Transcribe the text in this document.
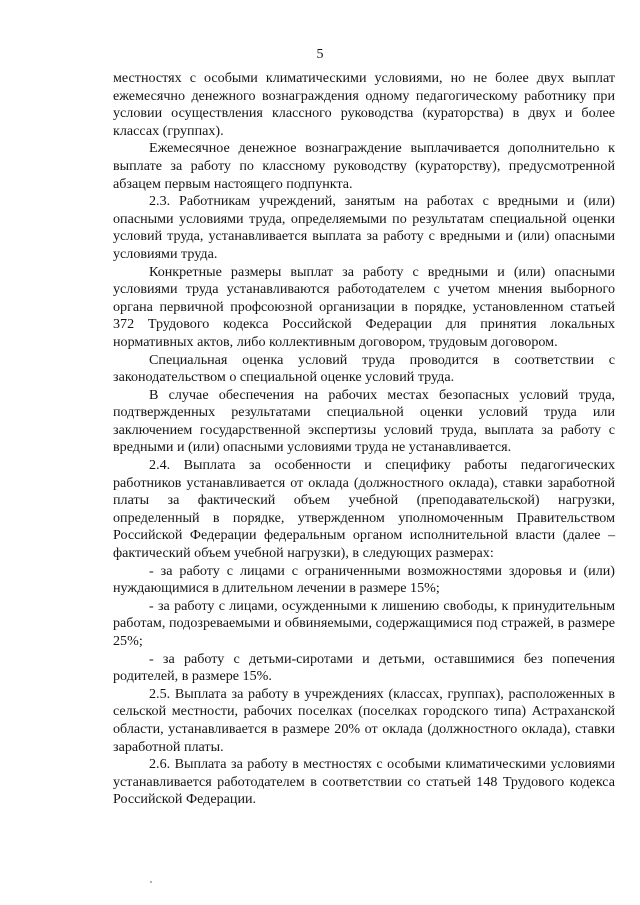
5

местностях с особыми климатическими условиями, но не более двух выплат ежемесячно денежного вознаграждения одному педагогическому работнику при условии осуществления классного руководства (кураторства) в двух и более классах (группах).

Ежемесячное денежное вознаграждение выплачивается дополнительно к выплате за работу по классному руководству (кураторству), предусмотренной абзацем первым настоящего подпункта.

2.3. Работникам учреждений, занятым на работах с вредными и (или) опасными условиями труда, определяемыми по результатам специальной оценки условий труда, устанавливается выплата за работу с вредными и (или) опасными условиями труда.

Конкретные размеры выплат за работу с вредными и (или) опасными условиями труда устанавливаются работодателем с учетом мнения выборного органа первичной профсоюзной организации в порядке, установленном статьей 372 Трудового кодекса Российской Федерации для принятия локальных нормативных актов, либо коллективным договором, трудовым договором.

Специальная оценка условий труда проводится в соответствии с законодательством о специальной оценке условий труда.

В случае обеспечения на рабочих местах безопасных условий труда, подтвержденных результатами специальной оценки условий труда или заключением государственной экспертизы условий труда, выплата за работу с вредными и (или) опасными условиями труда не устанавливается.

2.4. Выплата за особенности и специфику работы педагогических работников устанавливается от оклада (должностного оклада), ставки заработной платы за фактический объем учебной (преподавательской) нагрузки, определенный в порядке, утвержденном уполномоченным Правительством Российской Федерации федеральным органом исполнительной власти (далее – фактический объем учебной нагрузки), в следующих размерах:

- за работу с лицами с ограниченными возможностями здоровья и (или) нуждающимися в длительном лечении в размере 15%;

- за работу с лицами, осужденными к лишению свободы, к принудительным работам, подозреваемыми и обвиняемыми, содержащимися под стражей, в размере 25%;

- за работу с детьми-сиротами и детьми, оставшимися без попечения родителей, в размере 15%.

2.5. Выплата за работу в учреждениях (классах, группах), расположенных в сельской местности, рабочих поселках (поселках городского типа) Астраханской области, устанавливается в размере 20% от оклада (должностного оклада), ставки заработной платы.

2.6. Выплата за работу в местностях с особыми климатическими условиями устанавливается работодателем в соответствии со статьей 148 Трудового кодекса Российской Федерации.
